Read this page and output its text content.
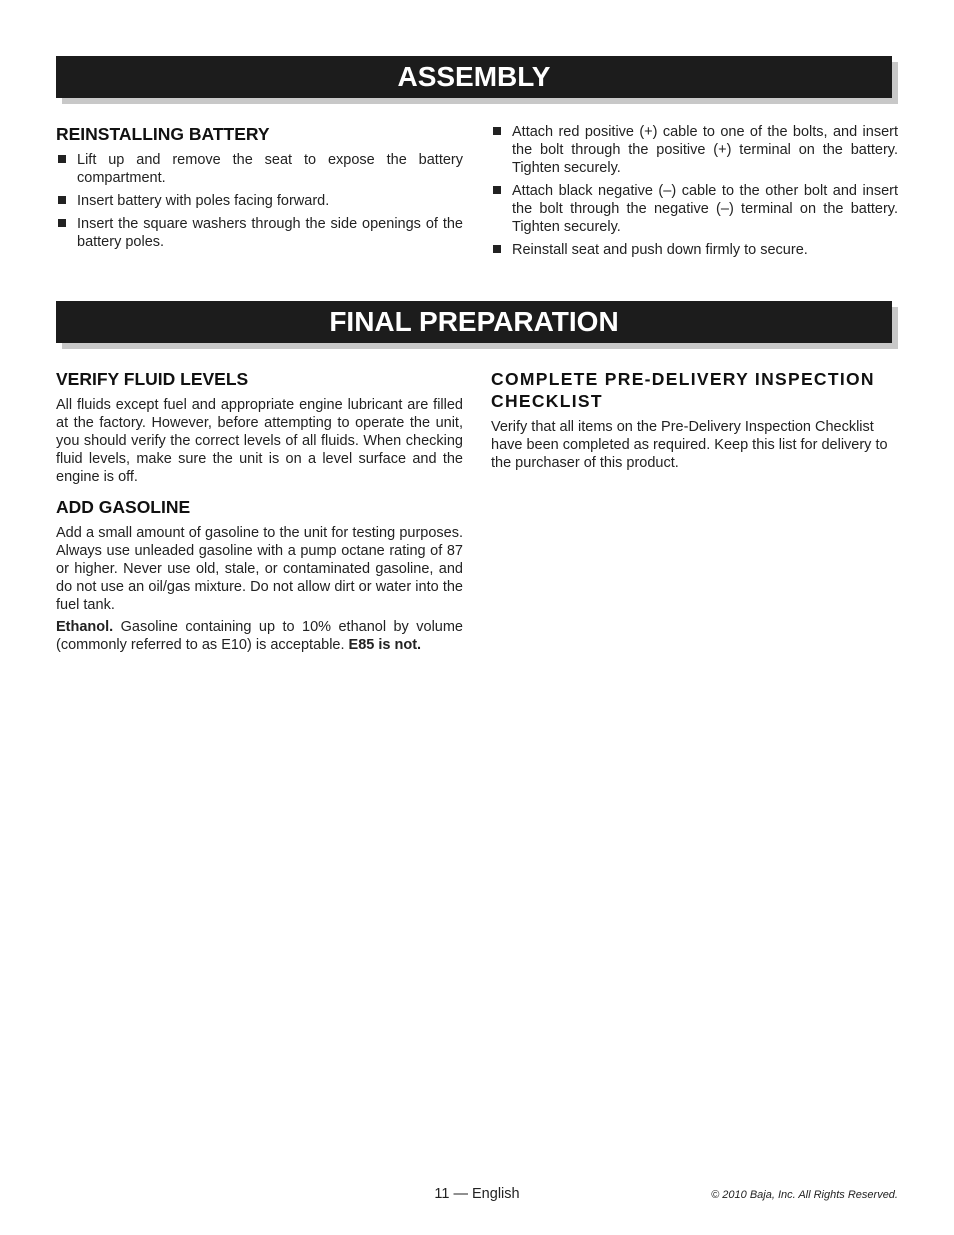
ASSEMBLY
REINSTALLING BATTERY
Lift up and remove the seat to expose the battery compartment.
Insert battery with poles facing forward.
Insert the square washers through the side openings of the battery poles.
Attach red positive (+) cable to one of the bolts, and insert the bolt through the positive (+) terminal on the battery. Tighten securely.
Attach black negative (–) cable to the other bolt and insert the bolt through the negative (–) terminal on the battery. Tighten securely.
Reinstall seat and push down firmly to secure.
FINAL PREPARATION
VERIFY FLUID LEVELS

All fluids except fuel and appropriate engine lubricant are filled at the factory. However, before attempting to operate the unit, you should verify the correct levels of all fluids. When checking fluid levels, make sure the unit is on a level surface and the engine is off.

ADD GASOLINE

Add a small amount of gasoline to the unit for testing purposes. Always use unleaded gasoline with a pump octane rating of 87 or higher. Never use old, stale, or contaminated gasoline, and do not use an oil/gas mixture. Do not allow dirt or water into the fuel tank.

Ethanol. Gasoline containing up to 10% ethanol by volume (commonly referred to as E10) is acceptable. E85 is not.

COMPLETE PRE-DELIVERY INSPECTION CHECKLIST

Verify that all items on the Pre-Delivery Inspection Checklist have been completed as required. Keep this list for delivery to the purchaser of this product.

11 — English	© 2010 Baja, Inc. All Rights Reserved.
